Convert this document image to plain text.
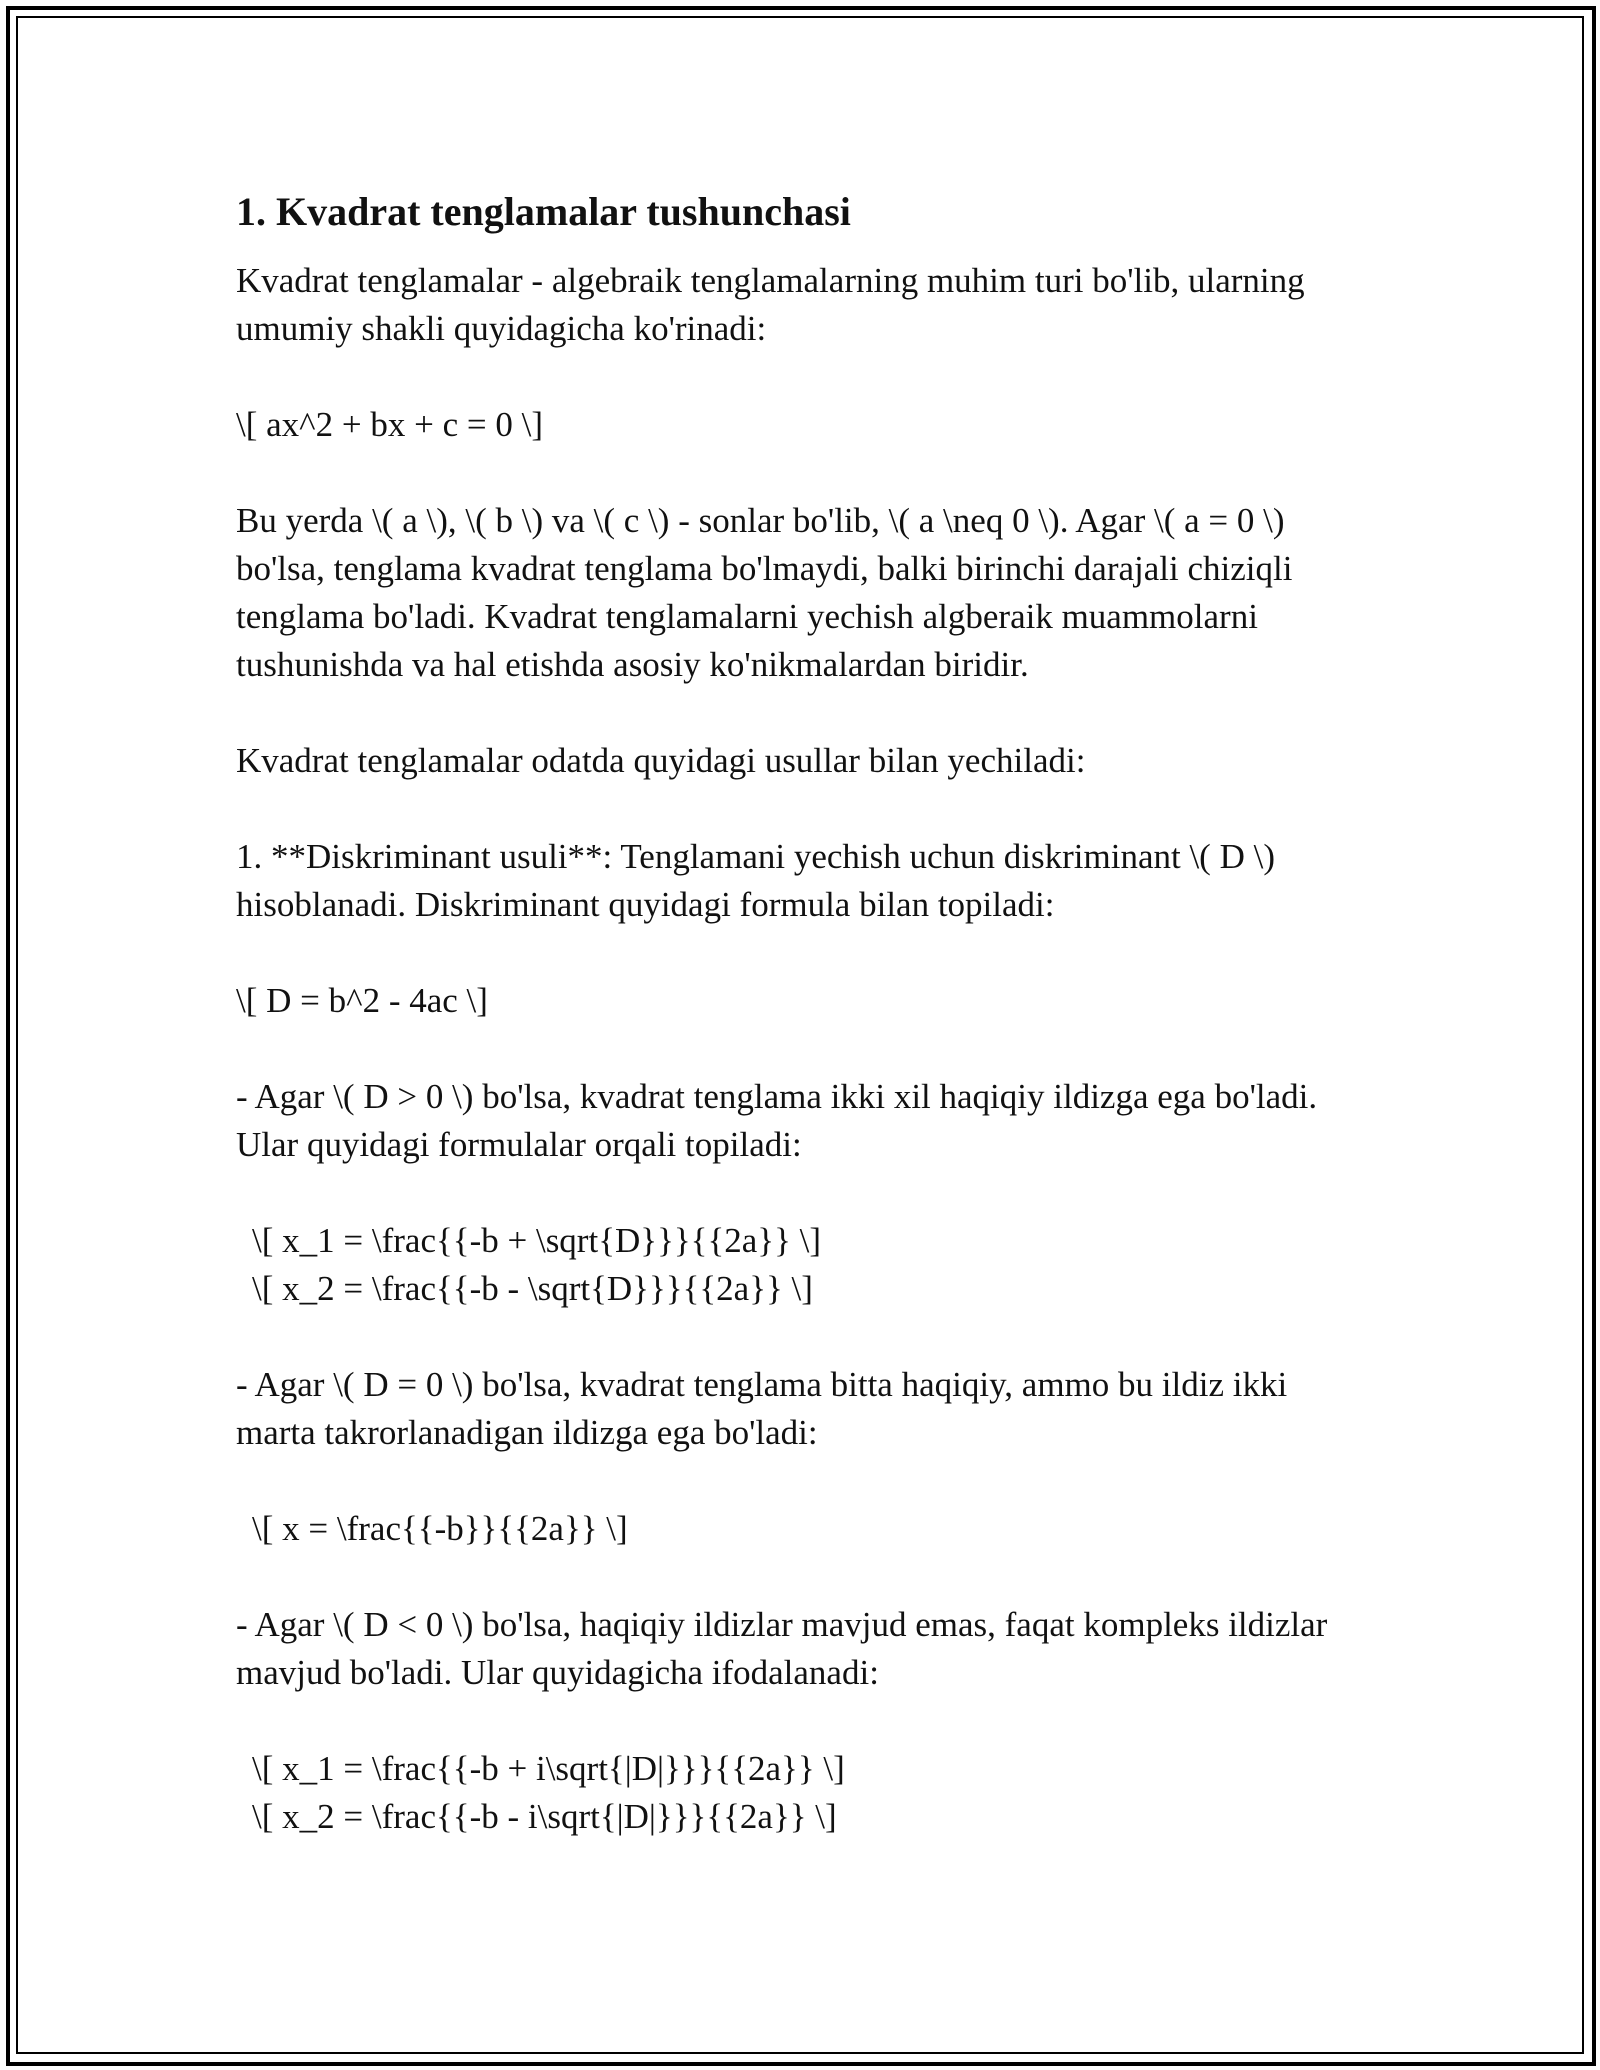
1. Kvadrat tenglamalar tushunchasi

Kvadrat tenglamalar - algebraik tenglamalarning muhim turi bo'lib, ularning umumiy shakli quyidagicha ko'rinadi:

\[ ax^2 + bx + c = 0 \]

Bu yerda \( a \), \( b \) va \( c \) - sonlar bo'lib, \( a \neq 0 \). Agar \( a = 0 \) bo'lsa, tenglama kvadrat tenglama bo'lmaydi, balki birinchi darajali chiziqli tenglama bo'ladi. Kvadrat tenglamalarni yechish algberaik muammolarni tushunishda va hal etishda asosiy ko'nikmalardan biridir.

Kvadrat tenglamalar odatda quyidagi usullar bilan yechiladi:

1. **Diskriminant usuli**: Tenglamani yechish uchun diskriminant \( D \) hisoblanadi. Diskriminant quyidagi formula bilan topiladi:

\[ D = b^2 - 4ac \]

- Agar \( D > 0 \) bo'lsa, kvadrat tenglama ikki xil haqiqiy ildizga ega bo'ladi. Ular quyidagi formulalar orqali topiladi:

\[ x_1 = \frac{{-b + \sqrt{D}}}{{2a}} \]
\[ x_2 = \frac{{-b - \sqrt{D}}}{{2a}} \]

- Agar \( D = 0 \) bo'lsa, kvadrat tenglama bitta haqiqiy, ammo bu ildiz ikki marta takrorlanadigan ildizga ega bo'ladi:

\[ x = \frac{{-b}}{{2a}} \]

- Agar \( D < 0 \) bo'lsa, haqiqiy ildizlar mavjud emas, faqat kompleks ildizlar mavjud bo'ladi. Ular quyidagicha ifodalanadi:

\[ x_1 = \frac{{-b + i\sqrt{|D|}}}{{2a}} \]
\[ x_2 = \frac{{-b - i\sqrt{|D|}}}{{2a}} \]
